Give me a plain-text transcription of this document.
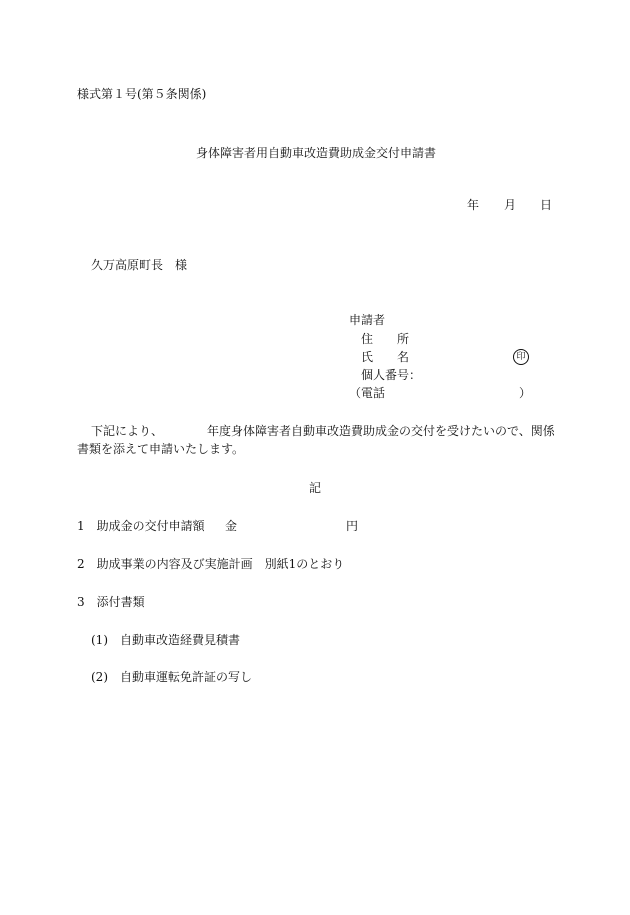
様式第１号(第５条関係)
身体障害者用自動車改造費助成金交付申請書
年 月 日
久万高原町長　様
申請者
住　　所
氏　　名	印
個人番号：
（電話	）
下記により、	年度身体障害者自動車改造費助成金の交付を受けたいので、関係
書類を添えて申請いたします。
記
1　助成金の交付申請額 金	円
2　助成事業の内容及び実施計画　別紙1のとおり
3　添付書類
(1)　自動車改造経費見積書
(2)　自動車運転免許証の写し
